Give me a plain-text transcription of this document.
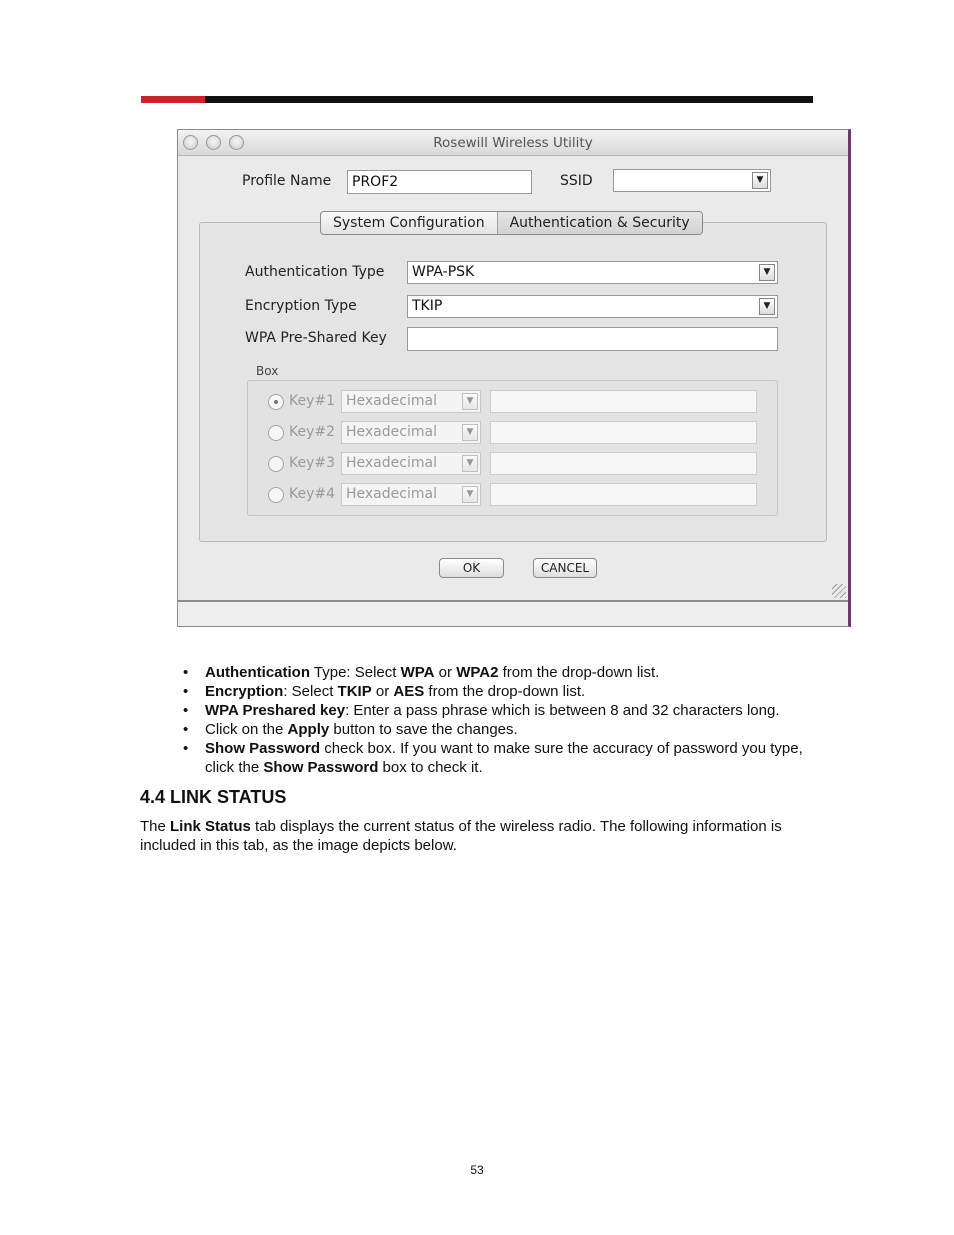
Rosewill Wireless Utility
Profile Name	PROF2	SSID	▼
System Configuration	Authentication & Security
Authentication Type	WPA-PSK	▼
Encryption Type	TKIP	▼
WPA Pre-Shared Key
Box
Key#1 Hexadecimal	▼
Key#2 Hexadecimal	▼
Key#3 Hexadecimal	▼
Key#4 Hexadecimal	▼
OK	CANCEL
• Authentication Type: Select WPA or WPA2 from the drop-down list.
• Encryption: Select TKIP or AES from the drop-down list.
• WPA Preshared key: Enter a pass phrase which is between 8 and 32 characters long.
• Click on the Apply button to save the changes.
• Show Password check box. If you want to make sure the accuracy of password you type, click the Show Password box to check it.
4.4 LINK STATUS

The Link Status tab displays the current status of the wireless radio. The following information is included in this tab, as the image depicts below.

53
